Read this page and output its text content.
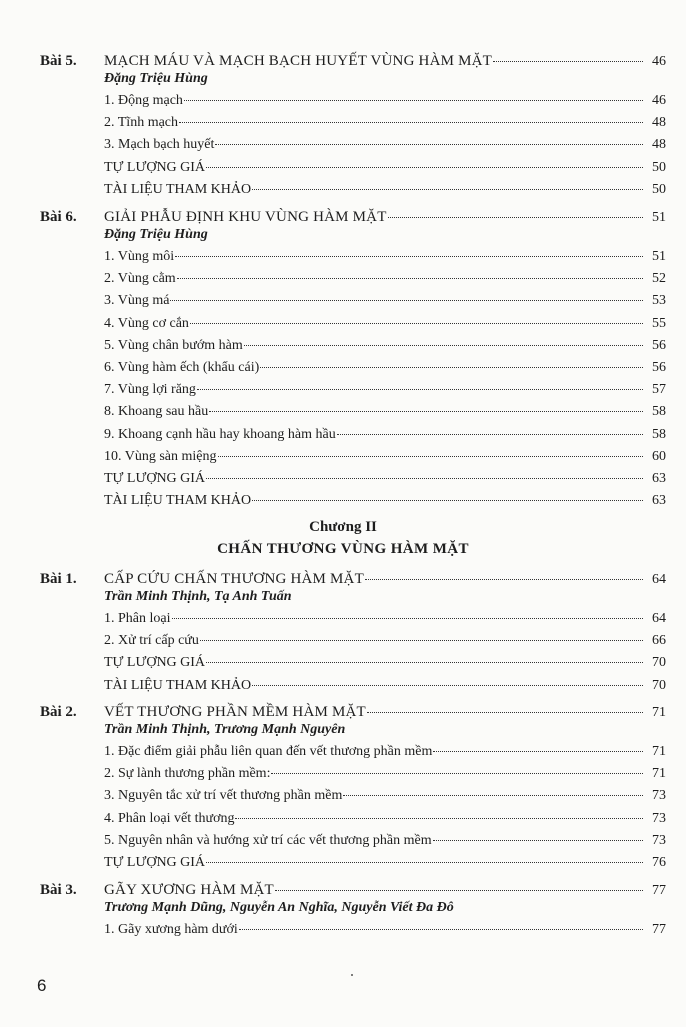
Bài 5. MẠCH MÁU VÀ MẠCH BẠCH HUYẾT VÙNG HÀM MẶT	46
Đặng Triệu Hùng
1. Động mạch	46
2. Tĩnh mạch	48
3. Mạch bạch huyết	48
TỰ LƯỢNG GIÁ	50
TÀI LIỆU THAM KHẢO	50
Bài 6. GIẢI PHẪU ĐỊNH KHU VÙNG HÀM MẶT	51
Đặng Triệu Hùng
1. Vùng môi	51
2. Vùng cằm	52
3. Vùng má	53
4. Vùng cơ cắn	55
5. Vùng chân bướm hàm	56
6. Vùng hàm ếch (khẩu cái)	56
7. Vùng lợi răng	57
8. Khoang sau hầu	58
9. Khoang cạnh hầu hay khoang hàm hầu	58
10. Vùng sàn miệng	60
TỰ LƯỢNG GIÁ	63
TÀI LIỆU THAM KHẢO	63
Bài 1. CẤP CỨU CHẤN THƯƠNG HÀM MẶT	64
Trần Minh Thịnh, Tạ Anh Tuấn
1. Phân loại	64
2. Xử trí cấp cứu	66
TỰ LƯỢNG GIÁ	70
TÀI LIỆU THAM KHẢO	70
Bài 2. VẾT THƯƠNG PHẦN MỀM HÀM MẶT	71
Trần Minh Thịnh, Trương Mạnh Nguyên
1. Đặc điểm giải phẫu liên quan đến vết thương phần mềm	71
2. Sự lành thương phần mềm:	71
3. Nguyên tắc xử trí vết thương phần mềm	73
4. Phân loại vết thương	73
5. Nguyên nhân và hướng xử trí các vết thương phần mềm	73
TỰ LƯỢNG GIÁ	76
Bài 3. GÃY XƯƠNG HÀM MẶT	77
Trương Mạnh Dũng, Nguyễn An Nghĩa, Nguyễn Viết Đa Đô
1. Gãy xương hàm dưới	77
Chương II
CHẤN THƯƠNG VÙNG HÀM MẶT
6
